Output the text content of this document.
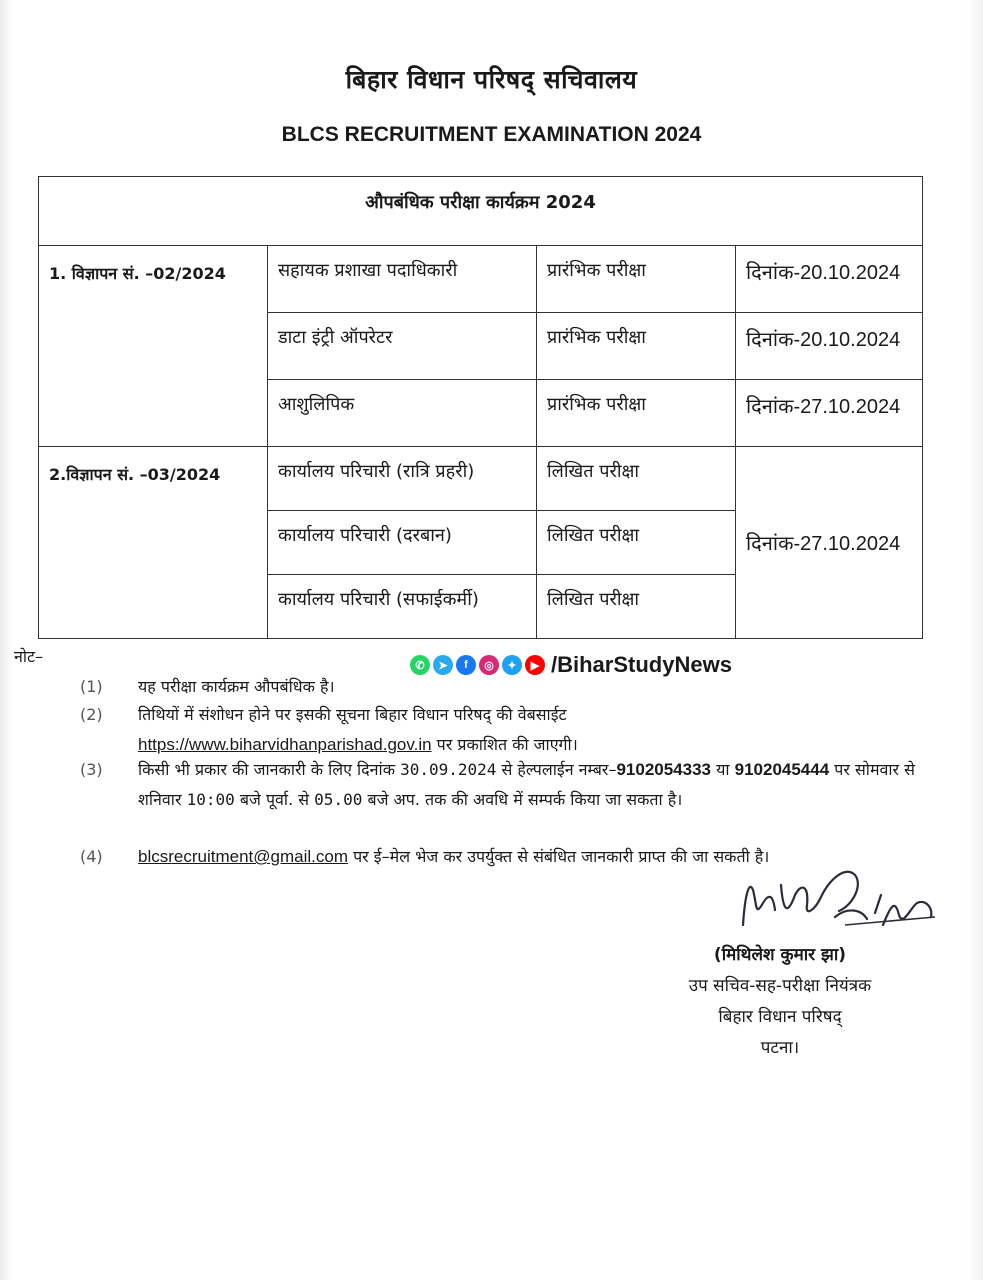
बिहार विधान परिषद् सचिवालय
BLCS RECRUITMENT EXAMINATION 2024
औपबंधिक परीक्षा कार्यक्रम 2024			
1. विज्ञापन सं. –02/2024	सहायक प्रशाखा पदाधिकारी	प्रारंभिक परीक्षा	दिनांक-20.10.2024
	डाटा इंट्री ऑपरेटर	प्रारंभिक परीक्षा	दिनांक-20.10.2024
	आशुलिपिक	प्रारंभिक परीक्षा	दिनांक-27.10.2024
2.विज्ञापन सं. –03/2024	कार्यालय परिचारी (रात्रि प्रहरी)	लिखित परीक्षा	दिनांक-27.10.2024
	कार्यालय परिचारी (दरबान)	लिखित परीक्षा	
	कार्यालय परिचारी (सफाईकर्मी)	लिखित परीक्षा	
नोट–	✆	➤	f	◎	✦	▶ /BiharStudyNews
(1)	यह परीक्षा कार्यक्रम औपबंधिक है।
(2)	तिथियों में संशोधन होने पर इसकी सूचना बिहार विधान परिषद् की वेबसाईट
https://www.biharvidhanparishad.gov.in पर प्रकाशित की जाएगी।
(3)	किसी भी प्रकार की जानकारी के लिए दिनांक 30.09.2024 से हेल्पलाईन नम्बर–9102054333 या 9102045444 पर सोमवार से शनिवार 10:00 बजे पूर्वा. से 05.00 बजे अप. तक की अवधि में सम्पर्क किया जा सकता है।
(4)	blcsrecruitment@gmail.com पर ई–मेल भेज कर उपर्युक्त से संबंधित जानकारी प्राप्त की जा सकती है।
(मिथिलेश कुमार झा)
उप सचिव-सह-परीक्षा नियंत्रक
बिहार विधान परिषद्
पटना।
